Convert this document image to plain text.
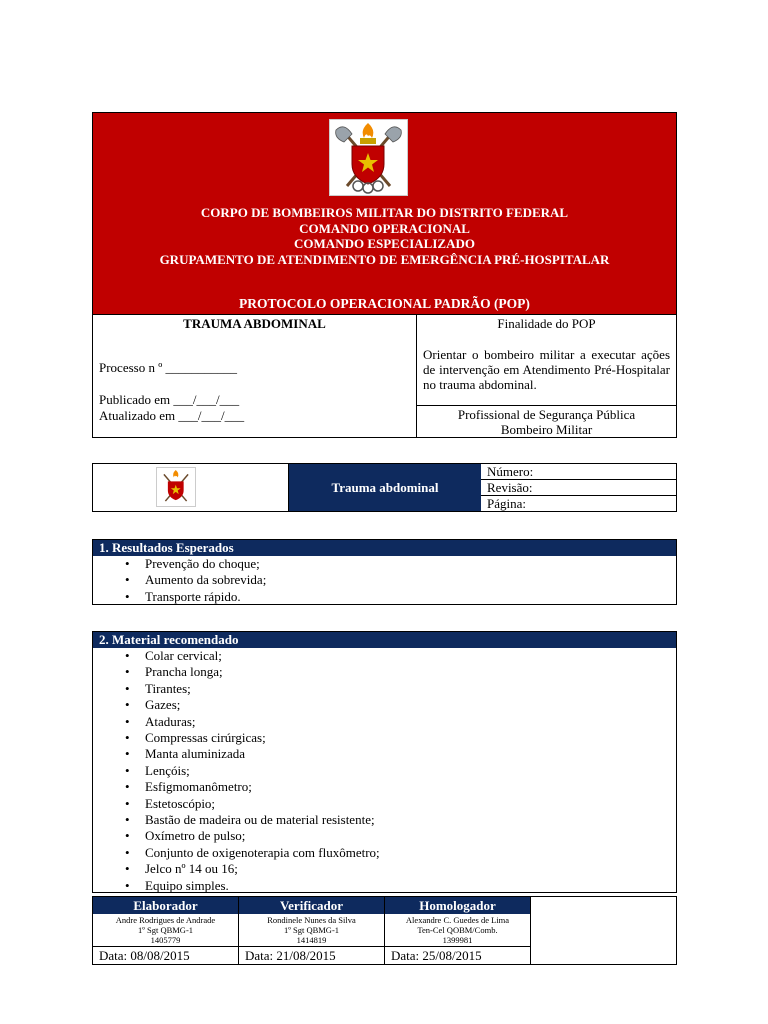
CORPO DE BOMBEIROS MILITAR DO DISTRITO FEDERAL
COMANDO OPERACIONAL
COMANDO ESPECIALIZADO
GRUPAMENTO DE ATENDIMENTO DE EMERGÊNCIA PRÉ-HOSPITALAR
PROTOCOLO OPERACIONAL PADRÃO (POP)
TRAUMA ABDOMINAL
Processo n º ___________
Publicado em ___/___/___
Atualizado em ___/___/___
Finalidade do POP
Orientar o bombeiro militar a executar ações de intervenção em Atendimento Pré-Hospitalar no trauma abdominal.
Profissional de Segurança Pública
Bombeiro Militar
Trauma abdominal
Número:
Revisão:
Página:
1. Resultados Esperados
• Prevenção do choque;
• Aumento da sobrevida;
• Transporte rápido.
2. Material recomendado
• Colar cervical;
• Prancha longa;
• Tirantes;
• Gazes;
• Ataduras;
• Compressas cirúrgicas;
• Manta aluminizada
• Lençóis;
• Esfigmomanômetro;
• Estetoscópio;
• Bastão de madeira ou de material resistente;
• Oxímetro de pulso;
• Conjunto de oxigenoterapia com fluxômetro;
• Jelco nº 14 ou 16;
• Equipo simples.
Elaborador
Andre Rodrigues de Andrade
1º Sgt QBMG-1
1405779
Data: 08/08/2015
Verificador
Rondinele Nunes da Silva
1º Sgt QBMG-1
1414819
Data: 21/08/2015
Homologador
Alexandre C. Guedes de Lima
Ten-Cel QOBM/Comb.
1399981
Data: 25/08/2015
